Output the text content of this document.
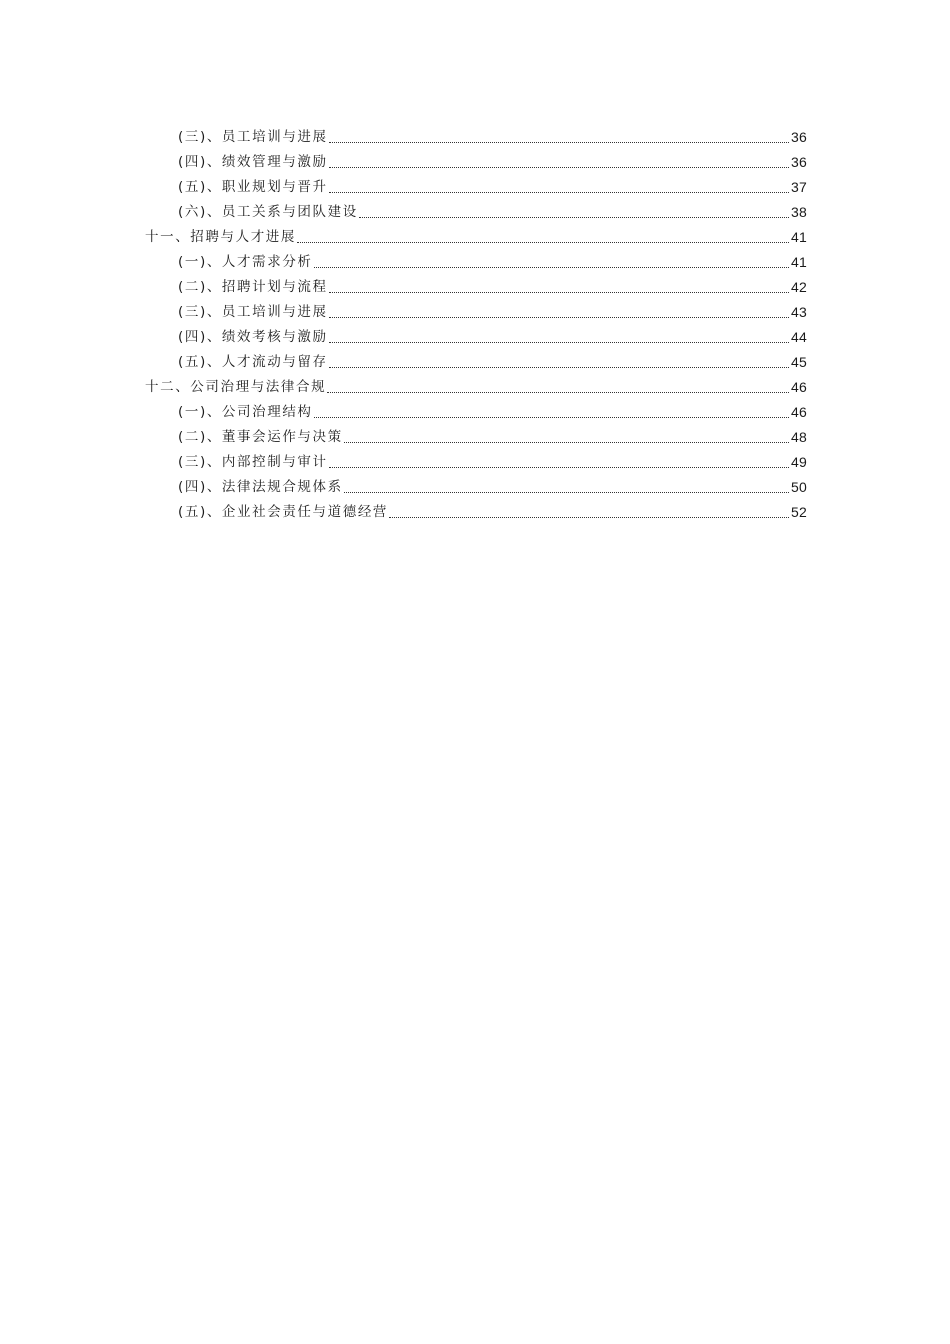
(三)、员工培训与进展	36
(四)、绩效管理与激励	36
(五)、职业规划与晋升	37
(六)、员工关系与团队建设	38
十一、招聘与人才进展	41
(一)、人才需求分析	41
(二)、招聘计划与流程	42
(三)、员工培训与进展	43
(四)、绩效考核与激励	44
(五)、人才流动与留存	45
十二、公司治理与法律合规	46
(一)、公司治理结构	46
(二)、董事会运作与决策	48
(三)、内部控制与审计	49
(四)、法律法规合规体系	50
(五)、企业社会责任与道德经营	52
